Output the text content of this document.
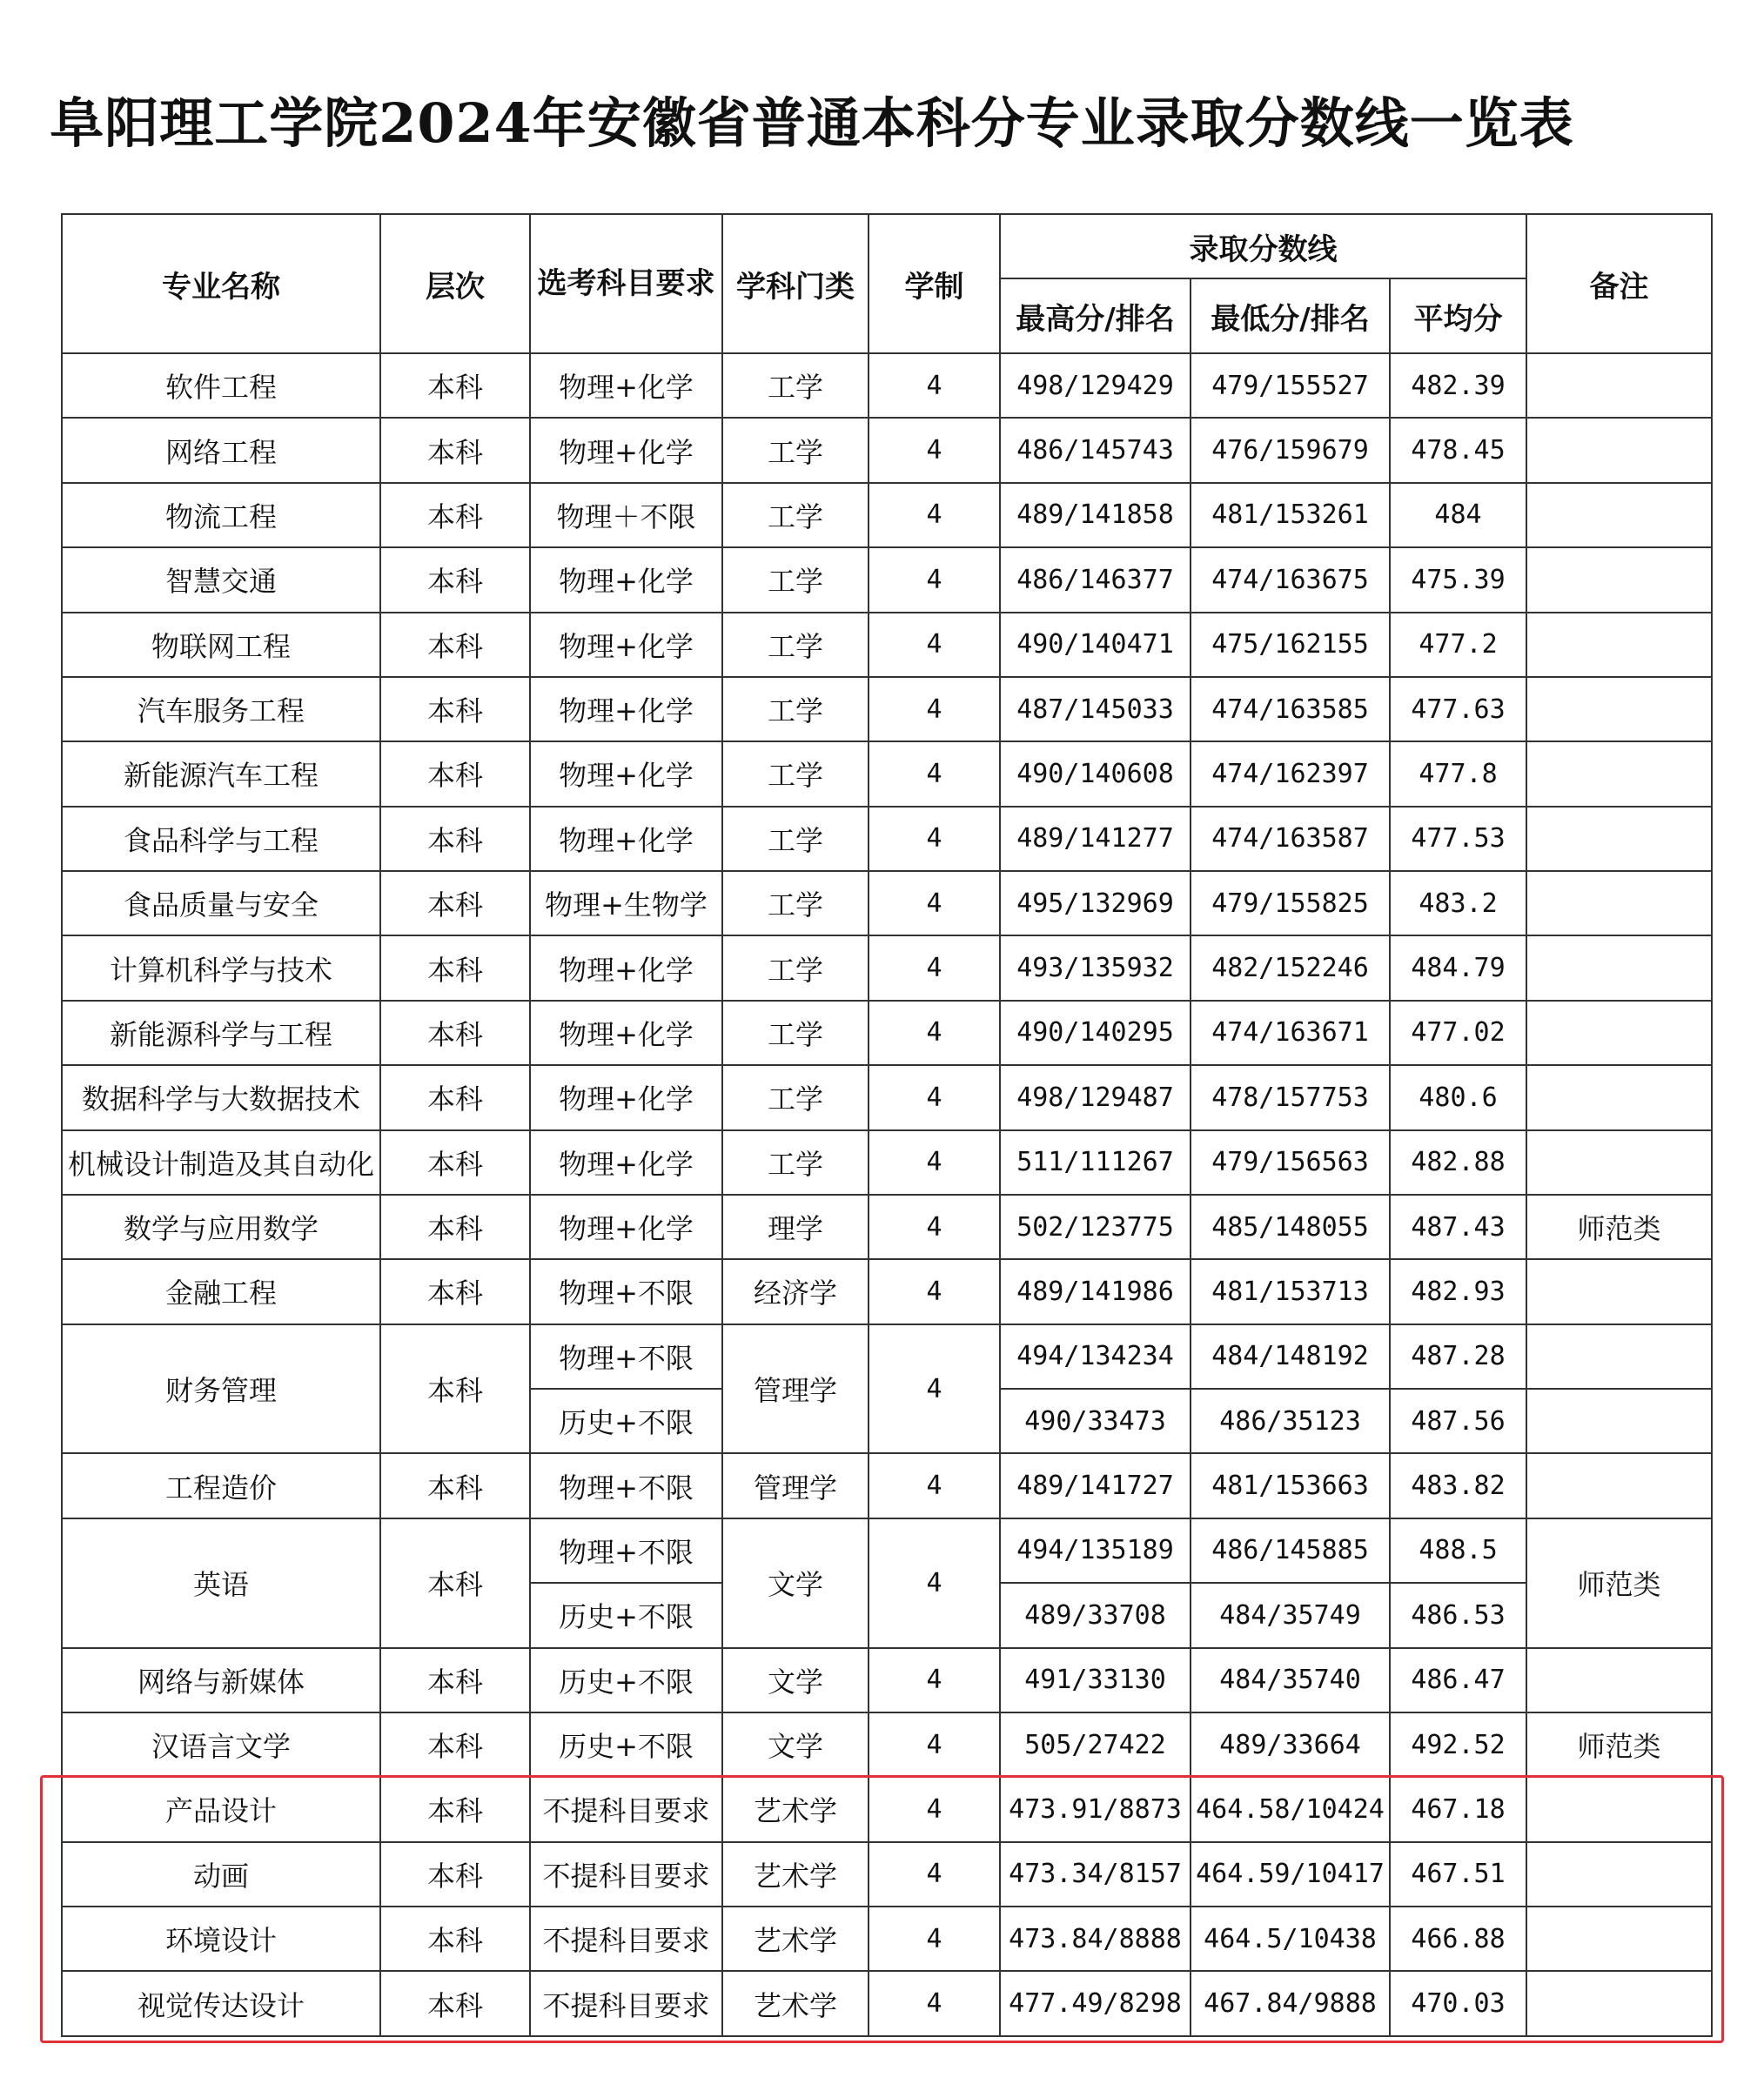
阜阳理工学院2024年安徽省普通本科分专业录取分数线一览表
专业名称	层次	选考科目要求	学科门类	学制	录取分数线			备注
					最高分/排名	最低分/排名	平均分	
软件工程	本科	物理+化学	工学	4	498/129429	479/155527	482.39	
网络工程	本科	物理+化学	工学	4	486/145743	476/159679	478.45	
物流工程	本科	物理＋不限	工学	4	489/141858	481/153261	484	
智慧交通	本科	物理+化学	工学	4	486/146377	474/163675	475.39	
物联网工程	本科	物理+化学	工学	4	490/140471	475/162155	477.2	
汽车服务工程	本科	物理+化学	工学	4	487/145033	474/163585	477.63	
新能源汽车工程	本科	物理+化学	工学	4	490/140608	474/162397	477.8	
食品科学与工程	本科	物理+化学	工学	4	489/141277	474/163587	477.53	
食品质量与安全	本科	物理+生物学	工学	4	495/132969	479/155825	483.2	
计算机科学与技术	本科	物理+化学	工学	4	493/135932	482/152246	484.79	
新能源科学与工程	本科	物理+化学	工学	4	490/140295	474/163671	477.02	
数据科学与大数据技术	本科	物理+化学	工学	4	498/129487	478/157753	480.6	
机械设计制造及其自动化	本科	物理+化学	工学	4	511/111267	479/156563	482.88	
数学与应用数学	本科	物理+化学	理学	4	502/123775	485/148055	487.43	师范类
金融工程	本科	物理+不限	经济学	4	489/141986	481/153713	482.93	
财务管理	本科	物理+不限	管理学	4	494/134234	484/148192	487.28	
		历史+不限			490/33473	486/35123	487.56	
工程造价	本科	物理+不限	管理学	4	489/141727	481/153663	483.82	
英语	本科	物理+不限	文学	4	494/135189	486/145885	488.5	师范类
		历史+不限			489/33708	484/35749	486.53	
网络与新媒体	本科	历史+不限	文学	4	491/33130	484/35740	486.47	
汉语言文学	本科	历史+不限	文学	4	505/27422	489/33664	492.52	师范类
产品设计	本科	不提科目要求	艺术学	4	473.91/8873	464.58/10424	467.18	
动画	本科	不提科目要求	艺术学	4	473.34/8157	464.59/10417	467.51	
环境设计	本科	不提科目要求	艺术学	4	473.84/8888	464.5/10438	466.88	
视觉传达设计	本科	不提科目要求	艺术学	4	477.49/8298	467.84/9888	470.03	
